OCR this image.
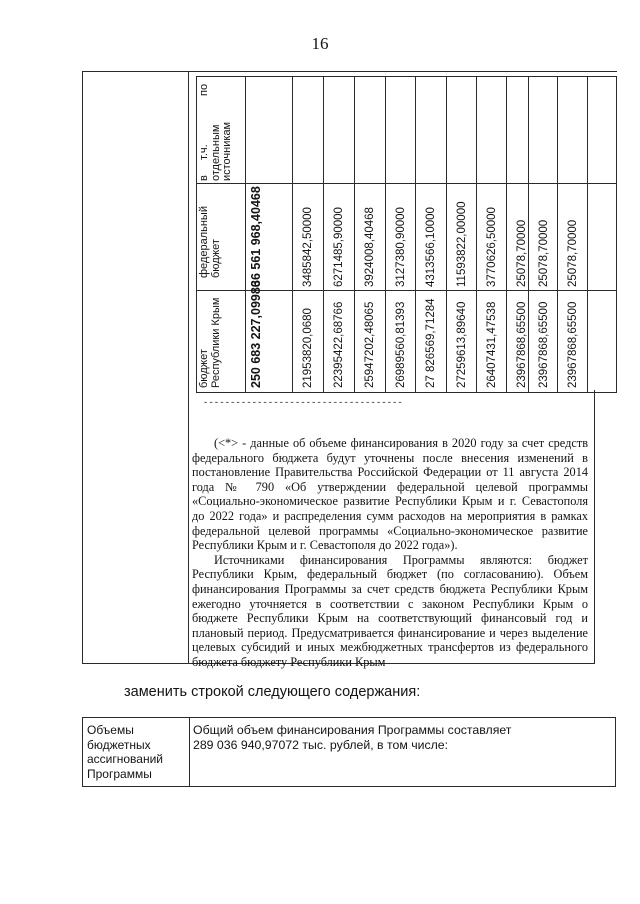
16
бюджет Республики Крым
федеральный бюджет
в
т.ч.
по
отдельным источникам
250 683 227,09986	21953820,0680 22395422,68766 25947202,48065 26989560,81393 27 826569,71284 27259613,89640 26407431,47538 23967868,65500 23967868,65500 23967868,65500
36 561 968,40468	3485842,50000 6271485,90000 3924008,40468 3127380,90000 4313566,10000 11593822,00000 3770626,50000 25078,70000 25078,70000 25078,70000
-------------------------------------

(<*> - данные об объеме финансирования в 2020 году за счет средств федерального бюджета будут уточнены после внесения изменений в постановление Правительства Российской Федерации от 11 августа 2014 года № 790 «Об утверждении федеральной целевой программы «Социально-экономическое развитие Республики Крым и г. Севастополя до 2022 года» и распределения сумм расходов на мероприятия в рамках федеральной целевой программы «Социально-экономическое развитие Республики Крым и г. Севастополя до 2022 года»).

Источниками финансирования Программы являются: бюджет Республики Крым, федеральный бюджет (по согласованию). Объем финансирования Программы за счет средств бюджета Республики Крым ежегодно уточняется в соответствии с законом Республики Крым о бюджете Республики Крым на соответствующий финансовый год и плановый период. Предусматривается финансирование и через выделение целевых субсидий и иных межбюджетных трансфертов из федерального бюджета бюджету Республики Крым

заменить строкой следующего содержания:
Объемы бюджетных ассигнований Программы
Общий объем финансирования Программы составляет
289 036 940,97072 тыс. рублей, в том числе:
